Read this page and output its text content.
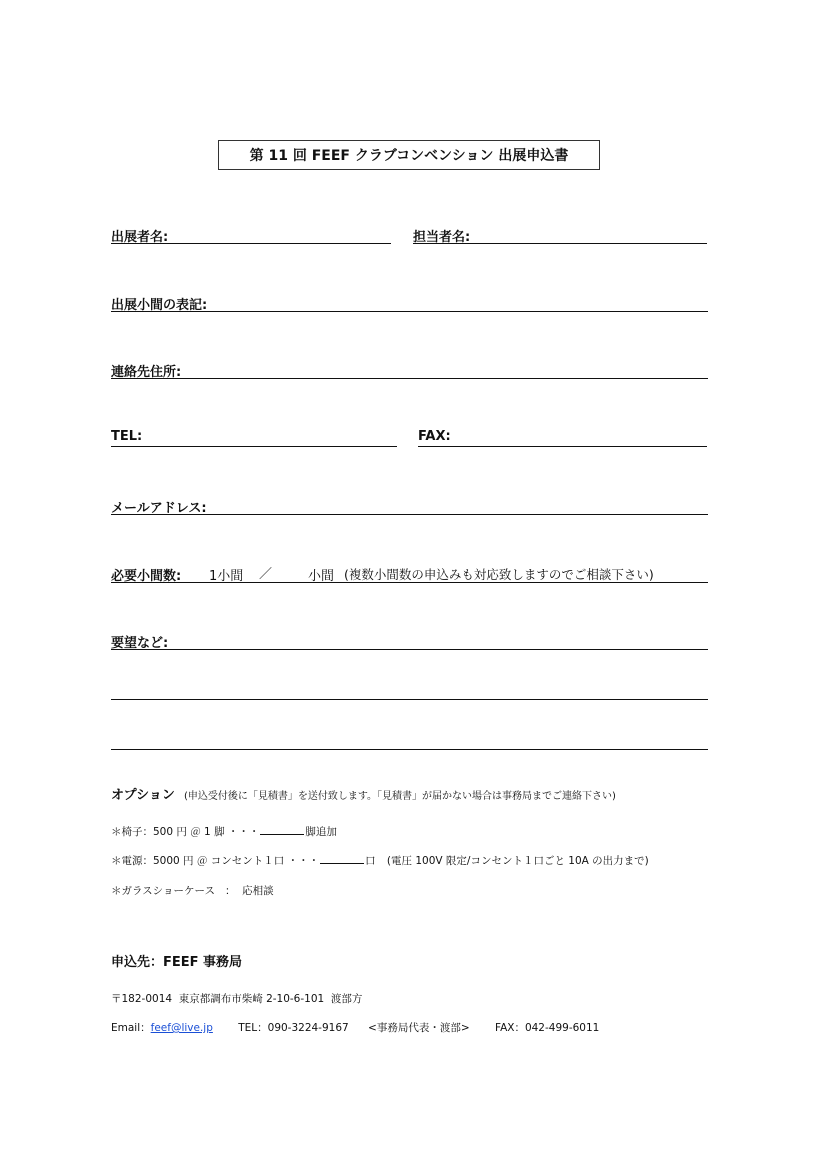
第 11 回 FEEF クラブコンベンション 出展申込書
出展者名:	担当者名:
出展小間の表記:
連絡先住所:
TEL:	FAX:
メールアドレス:
必要小間数: 1小間 ／	小間 (複数小間数の申込みも対応致しますのでご相談下さい)
要望など:
オプション (申込受付後に「見積書」を送付致します。「見積書」が届かない場合は事務局までご連絡下さい)
＊椅子：500 円 ＠ 1 脚 ・・・	脚追加
＊電源：5000 円 ＠ コンセント１口 ・・・	口 (電圧 100V 限定/コンセント１口ごと 10A の出力まで)
＊ガラスショーケース   ：  応相談
申込先：FEEF 事務局
〒182-0014  東京都調布市柴崎 2-10-6-101  渡部方
Email：feef@live.jp TEL：090-3224-9167 <事務局代表・渡部> FAX：042-499-6011
